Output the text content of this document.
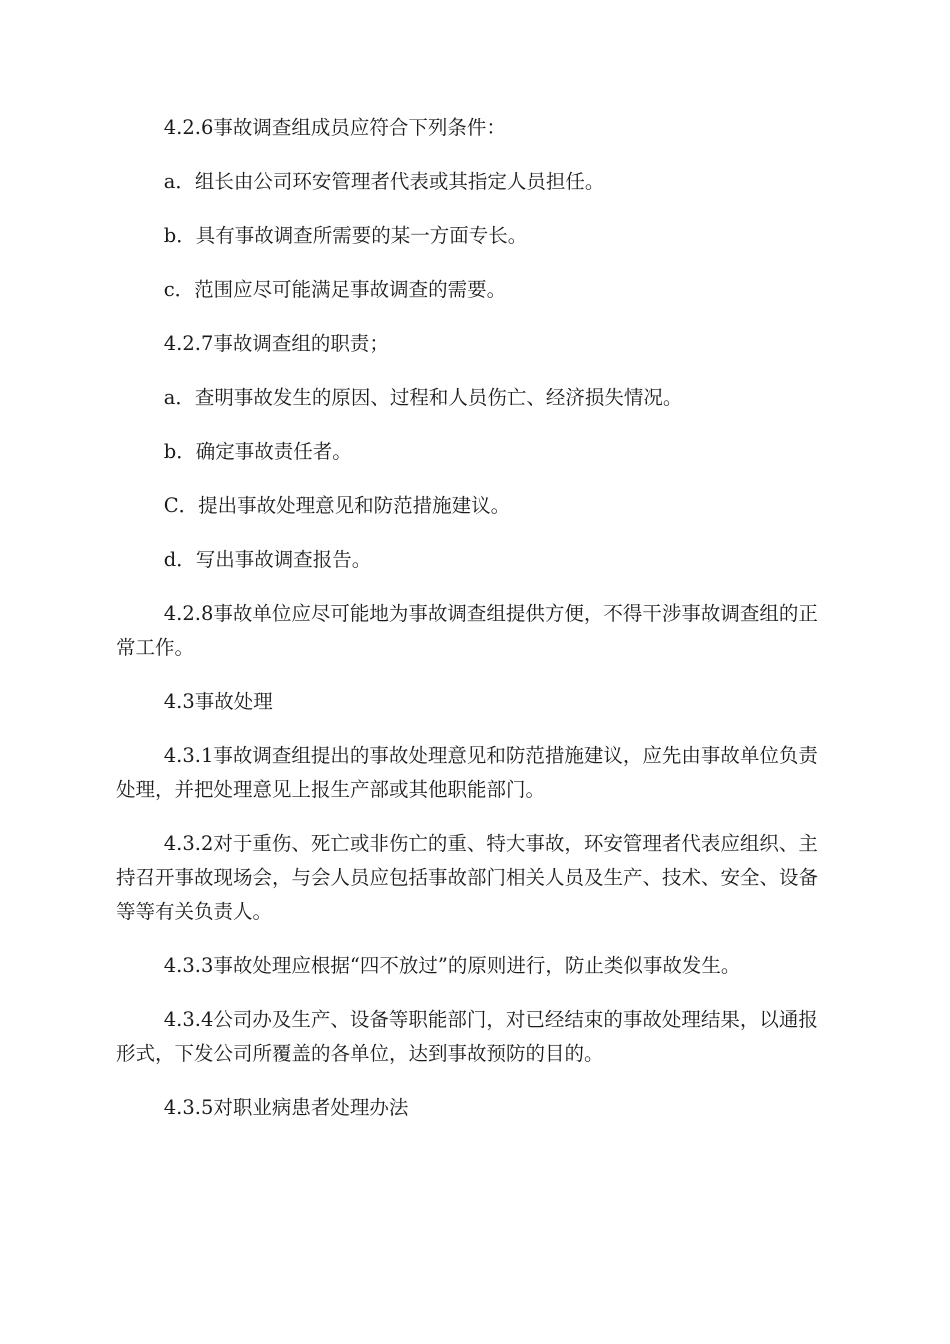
4.2.6事故调查组成员应符合下列条件：

a．组长由公司环安管理者代表或其指定人员担任。

b．具有事故调查所需要的某一方面专长。

c．范围应尽可能满足事故调查的需要。

4.2.7事故调查组的职责；

a．查明事故发生的原因、过程和人员伤亡、经济损失情况。

b．确定事故责任者。

C．提出事故处理意见和防范措施建议。

d．写出事故调查报告。

4.2.8事故单位应尽可能地为事故调查组提供方便，不得干涉事故调查组的正常工作。

4.3事故处理

4.3.1事故调查组提出的事故处理意见和防范措施建议，应先由事故单位负责处理，并把处理意见上报生产部或其他职能部门。

4.3.2对于重伤、死亡或非伤亡的重、特大事故，环安管理者代表应组织、主持召开事故现场会，与会人员应包括事故部门相关人员及生产、技术、安全、设备等等有关负责人。

4.3.3事故处理应根据“四不放过”的原则进行，防止类似事故发生。

4.3.4公司办及生产、设备等职能部门，对已经结束的事故处理结果，以通报形式，下发公司所覆盖的各单位，达到事故预防的目的。

4.3.5对职业病患者处理办法
